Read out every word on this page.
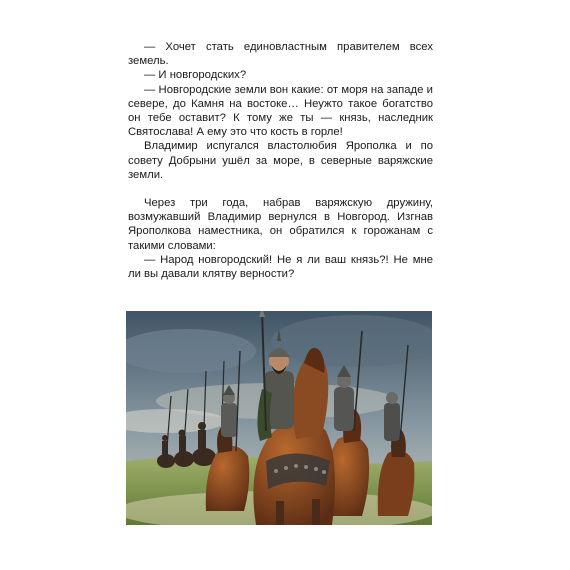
— Хочет стать единовластным правителем всех земель.

— И новгородских?

— Новгородские земли вон какие: от моря на западе и севере, до Камня на востоке… Неужто такое богатство он тебе оставит? К тому же ты — князь, наследник Святослава! А ему это что кость в горле!

Владимир испугался властолюбия Ярополка и по совету Добрыни ушёл за море, в северные варяжские земли.

Через три года, набрав варяжскую дружину, возмужавший Владимир вернулся в Новгород. Изгнав Ярополкова наместника, он обратился к горожанам с такими словами:

— Народ новгородский! Не я ли ваш князь?! Не мне ли вы давали клятву верности?
